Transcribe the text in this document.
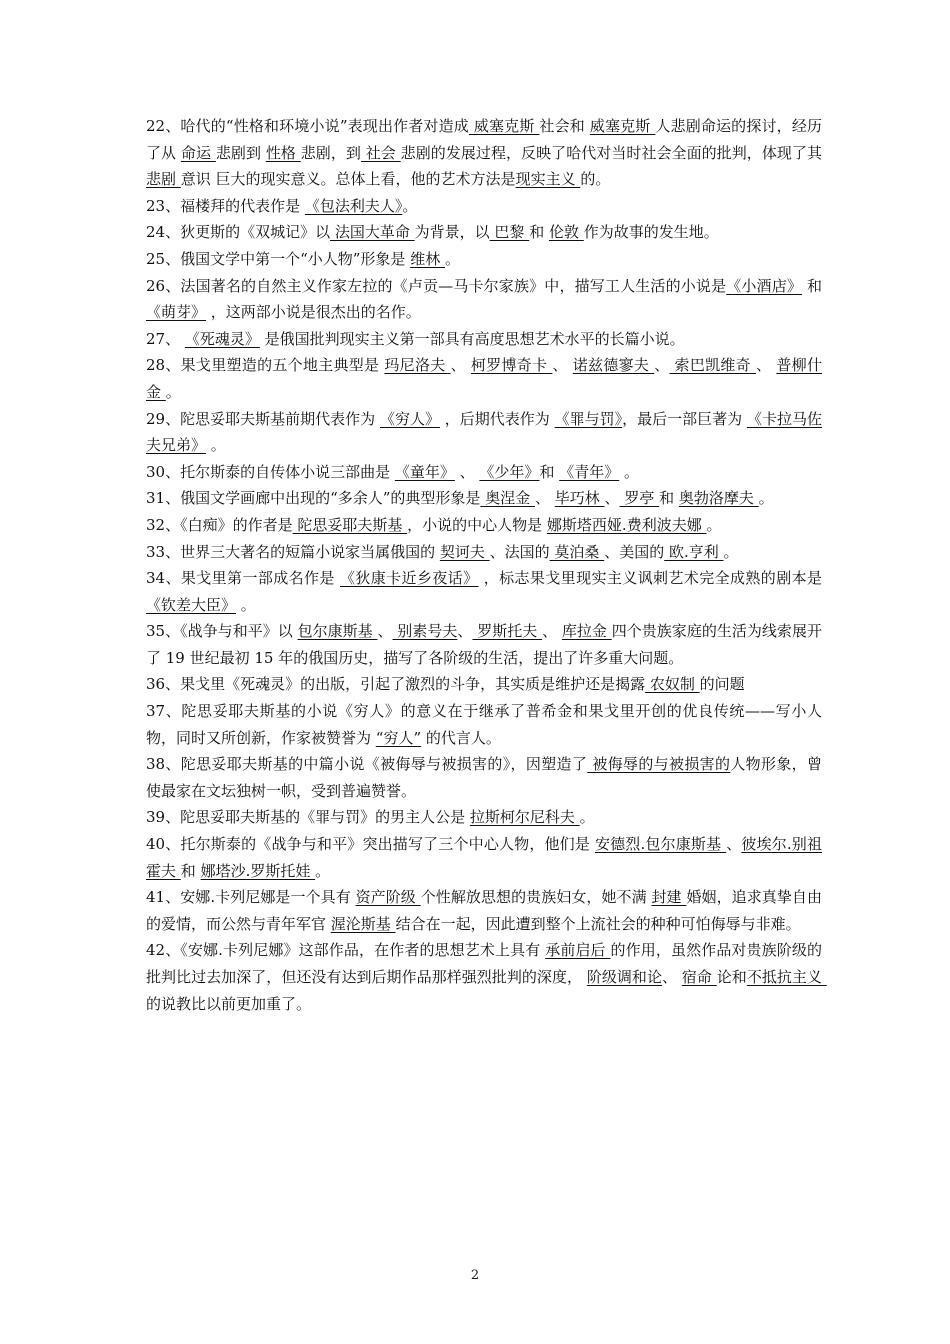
22、哈代的“性格和环境小说”表现出作者对造成 威塞克斯 社会和 威塞克斯 人悲剧命运的探讨，经历了从 命运 悲剧到 性格 悲剧，到 社会 悲剧的发展过程，反映了哈代对当时社会全面的批判，体现了其 悲剧 意识 巨大的现实意义。总体上看，他的艺术方法是现实主义 的。

23、福楼拜的代表作是 《包法利夫人》。

24、狄更斯的《双城记》以 法国大革命 为背景，以 巴黎 和 伦敦 作为故事的发生地。

25、俄国文学中第一个“小人物”形象是 维林 。

26、法国著名的自然主义作家左拉的《卢贡—马卡尔家族》中，描写工人生活的小说是《小酒店》 和 《萌芽》 ，这两部小说是很杰出的名作。

27、 《死魂灵》 是俄国批判现实主义第一部具有高度思想艺术水平的长篇小说。

28、果戈里塑造的五个地主典型是 玛尼洛夫 、 柯罗博奇卡 、 诺兹德寥夫 、 索巴凯维奇 、 普柳什金 。

29、陀思妥耶夫斯基前期代表作为 《穷人》 ，后期代表作为 《罪与罚》，最后一部巨著为 《卡拉马佐夫兄弟》 。

30、托尔斯泰的自传体小说三部曲是 《童年》 、 《少年》和 《青年》 。

31、俄国文学画廊中出现的“多余人”的典型形象是 奥涅金 、 毕巧林 、 罗亭 和 奥勃洛摩夫 。

32、《白痴》的作者是 陀思妥耶夫斯基 ，小说的中心人物是 娜斯塔西娅.费利波夫娜 。

33、世界三大著名的短篇小说家当属俄国的 契诃夫 、法国的 莫泊桑 、美国的 欧.亨利 。

34、果戈里第一部成名作是 《狄康卡近乡夜话》 ，标志果戈里现实主义讽刺艺术完全成熟的剧本是 《钦差大臣》 。

35、《战争与和平》以 包尔康斯基 、 别素号夫、 罗斯托夫 、 库拉金 四个贵族家庭的生活为线索展开了 19 世纪最初 15 年的俄国历史，描写了各阶级的生活，提出了许多重大问题。

36、果戈里《死魂灵》的出版，引起了激烈的斗争，其实质是维护还是揭露 农奴制 的问题

37、陀思妥耶夫斯基的小说《穷人》的意义在于继承了普希金和果戈里开创的优良传统——写小人物，同时又所创新，作家被赞誉为 “穷人” 的代言人。

38、陀思妥耶夫斯基的中篇小说《被侮辱与被损害的》，因塑造了 被侮辱的与被损害的人物形象，曾使最家在文坛独树一帜，受到普遍赞誉。

39、陀思妥耶夫斯基的《罪与罚》的男主人公是 拉斯柯尔尼科夫 。

40、托尔斯泰的《战争与和平》突出描写了三个中心人物，他们是 安德烈.包尔康斯基 、彼埃尔.别祖霍夫 和 娜塔沙.罗斯托娃 。

41、安娜.卡列尼娜是一个具有 资产阶级 个性解放思想的贵族妇女，她不满 封建 婚姻，追求真挚自由的爱情，而公然与青年军官 渥沦斯基 结合在一起，因此遭到整个上流社会的种种可怕侮辱与非难。

42、《安娜.卡列尼娜》这部作品，在作者的思想艺术上具有 承前启后 的作用，虽然作品对贵族阶级的批判比过去加深了，但还没有达到后期作品那样强烈批判的深度， 阶级调和论、 宿命 论和不抵抗主义 的说教比以前更加重了。

2
